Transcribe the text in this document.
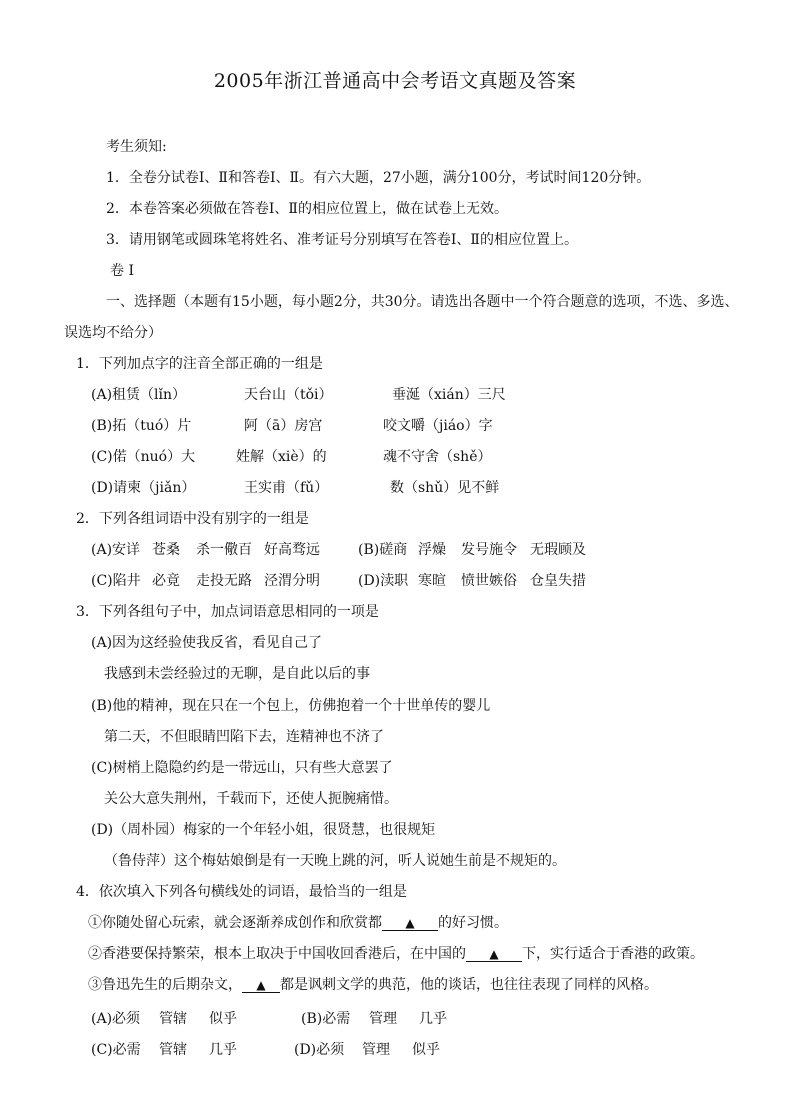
2005年浙江普通高中会考语文真题及答案
考生须知:
1．全卷分试卷Ⅰ、Ⅱ和答卷Ⅰ、Ⅱ。有六大题，27小题，满分100分，考试时间120分钟。
2．本卷答案必须做在答卷Ⅰ、Ⅱ的相应位置上，做在试卷上无效。
3．请用钢笔或圆珠笔将姓名、准考证号分别填写在答卷Ⅰ、Ⅱ的相应位置上。
卷 Ⅰ
一、选择题（本题有15小题，每小题2分，共30分。请选出各题中一个符合题意的选项，不选、多选、
误选均不给分）
1．下列加点字的注音全部正确的一组是
(A)租赁（lǐn）	天台山（tǒi）	垂涎（xián）三尺
(B)拓（tuó）片	阿（ā）房宫	咬文嚼（jiáo）字
(C)偌（nuó）大	姓解（xiè）的	魂不守舍（shě）
(D)请柬（jiǎn）	王实甫（fǔ）	数（shǔ）见不鲜
2．下列各组词语中没有别字的一组是
(A)安详 苍桑 杀一儆百 好高骛远	(B)磋商 浮燥 发号施令 无瑕顾及
(C)陷井 必竟 走投无路 泾渭分明	(D)渎职 寒暄 愤世嫉俗 仓皇失措
3．下列各组句子中，加点词语意思相同的一项是
(A)因为这经验使我反省，看见自己了
我感到未尝经验过的无聊，是自此以后的事
(B)他的精神，现在只在一个包上，仿佛抱着一个十世单传的婴儿
第二天，不但眼睛凹陷下去，连精神也不济了
(C)树梢上隐隐约约是一带远山，只有些大意罢了
关公大意失荆州，千载而下，还使人扼腕痛惜。
(D)（周朴园）梅家的一个年轻小姐，很贤慧，也很规矩
（鲁侍萍）这个梅姑娘倒是有一天晚上跳的河，听人说她生前是不规矩的。
4．依次填入下列各句横线处的词语，最恰当的一组是
①你随处留心玩索，就会逐渐养成创作和欣赏都 ▲ 的好习惯。
②香港要保持繁荣，根本上取决于中国收回香港后，在中国的 ▲ 下，实行适合于香港的政策。
③鲁迅先生的后期杂文， ▲ 都是讽刺文学的典范，他的谈话，也往往表现了同样的风格。
(A)必须 管辖 似乎	(B)必需 管理 几乎
(C)必需 管辖 几乎	(D)必须 管理 似乎
